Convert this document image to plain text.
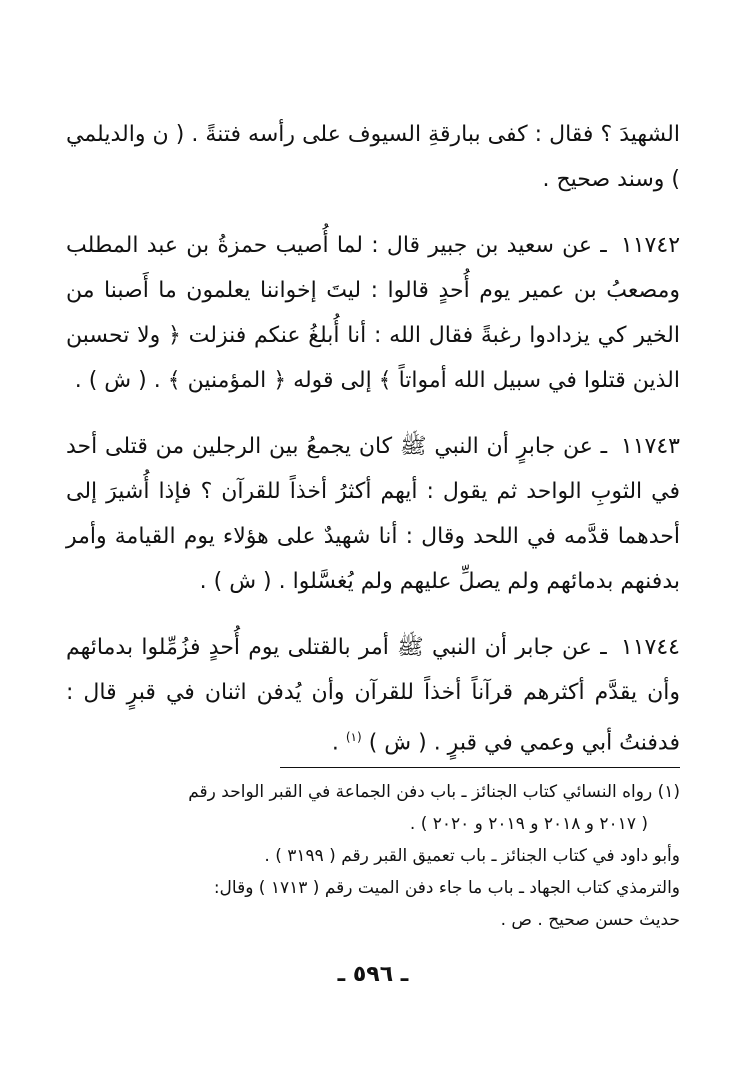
الشهيدَ ؟ فقال : كفى ببارقةِ السيوف على رأسه فتنةً . ( ن والديلمي ) وسند صحيح .

١١٧٤٢ ـ عن سعيد بن جبير قال : لما أُصيب حمزةُ بن عبد المطلب ومصعبُ بن عمير يوم أُحدٍ قالوا : ليتَ إخواننا يعلمون ما أَصبنا من الخير كي يزدادوا رغبةً فقال الله : أنا أُبلغُ عنكم فنزلت ﴿ ولا تحسبن الذين قتلوا في سبيل الله أمواتاً ﴾ إلى قوله ﴿ المؤمنين ﴾ . ( ش ) .

١١٧٤٣ ـ عن جابرٍ أن النبي ﷺ كان يجمعُ بين الرجلين من قتلى أحد في الثوبِ الواحد ثم يقول : أيهم أكثرُ أخذاً للقرآن ؟ فإذا أُشيرَ إلى أحدهما قدَّمه في اللحد وقال : أنا شهيدٌ على هؤلاء يوم القيامة وأمر بدفنهم بدمائهم ولم يصلِّ عليهم ولم يُغسَّلوا . ( ش ) .

١١٧٤٤ ـ عن جابر أن النبي ﷺ أمر بالقتلى يوم أُحدٍ فزُمِّلوا بدمائهم وأن يقدَّم أكثرهم قرآناً أخذاً للقرآن وأن يُدفن اثنان في قبرٍ قال : فدفنتُ أبي وعمي في قبرٍ . ( ش ) $^{(١)}$ .

(١) رواه النسائي كتاب الجنائز ـ باب دفن الجماعة في القبر الواحد رقم
( ٢٠١٧ و ٢٠١٨ و ٢٠١٩ و ٢٠٢٠ ) .
وأبو داود في كتاب الجنائز ـ باب تعميق القبر رقم ( ٣١٩٩ ) .
والترمذي كتاب الجهاد ـ باب ما جاء دفن الميت رقم ( ١٧١٣ ) وقال:
حديث حسن صحيح . ص .
ـ ٥٩٦ ـ
